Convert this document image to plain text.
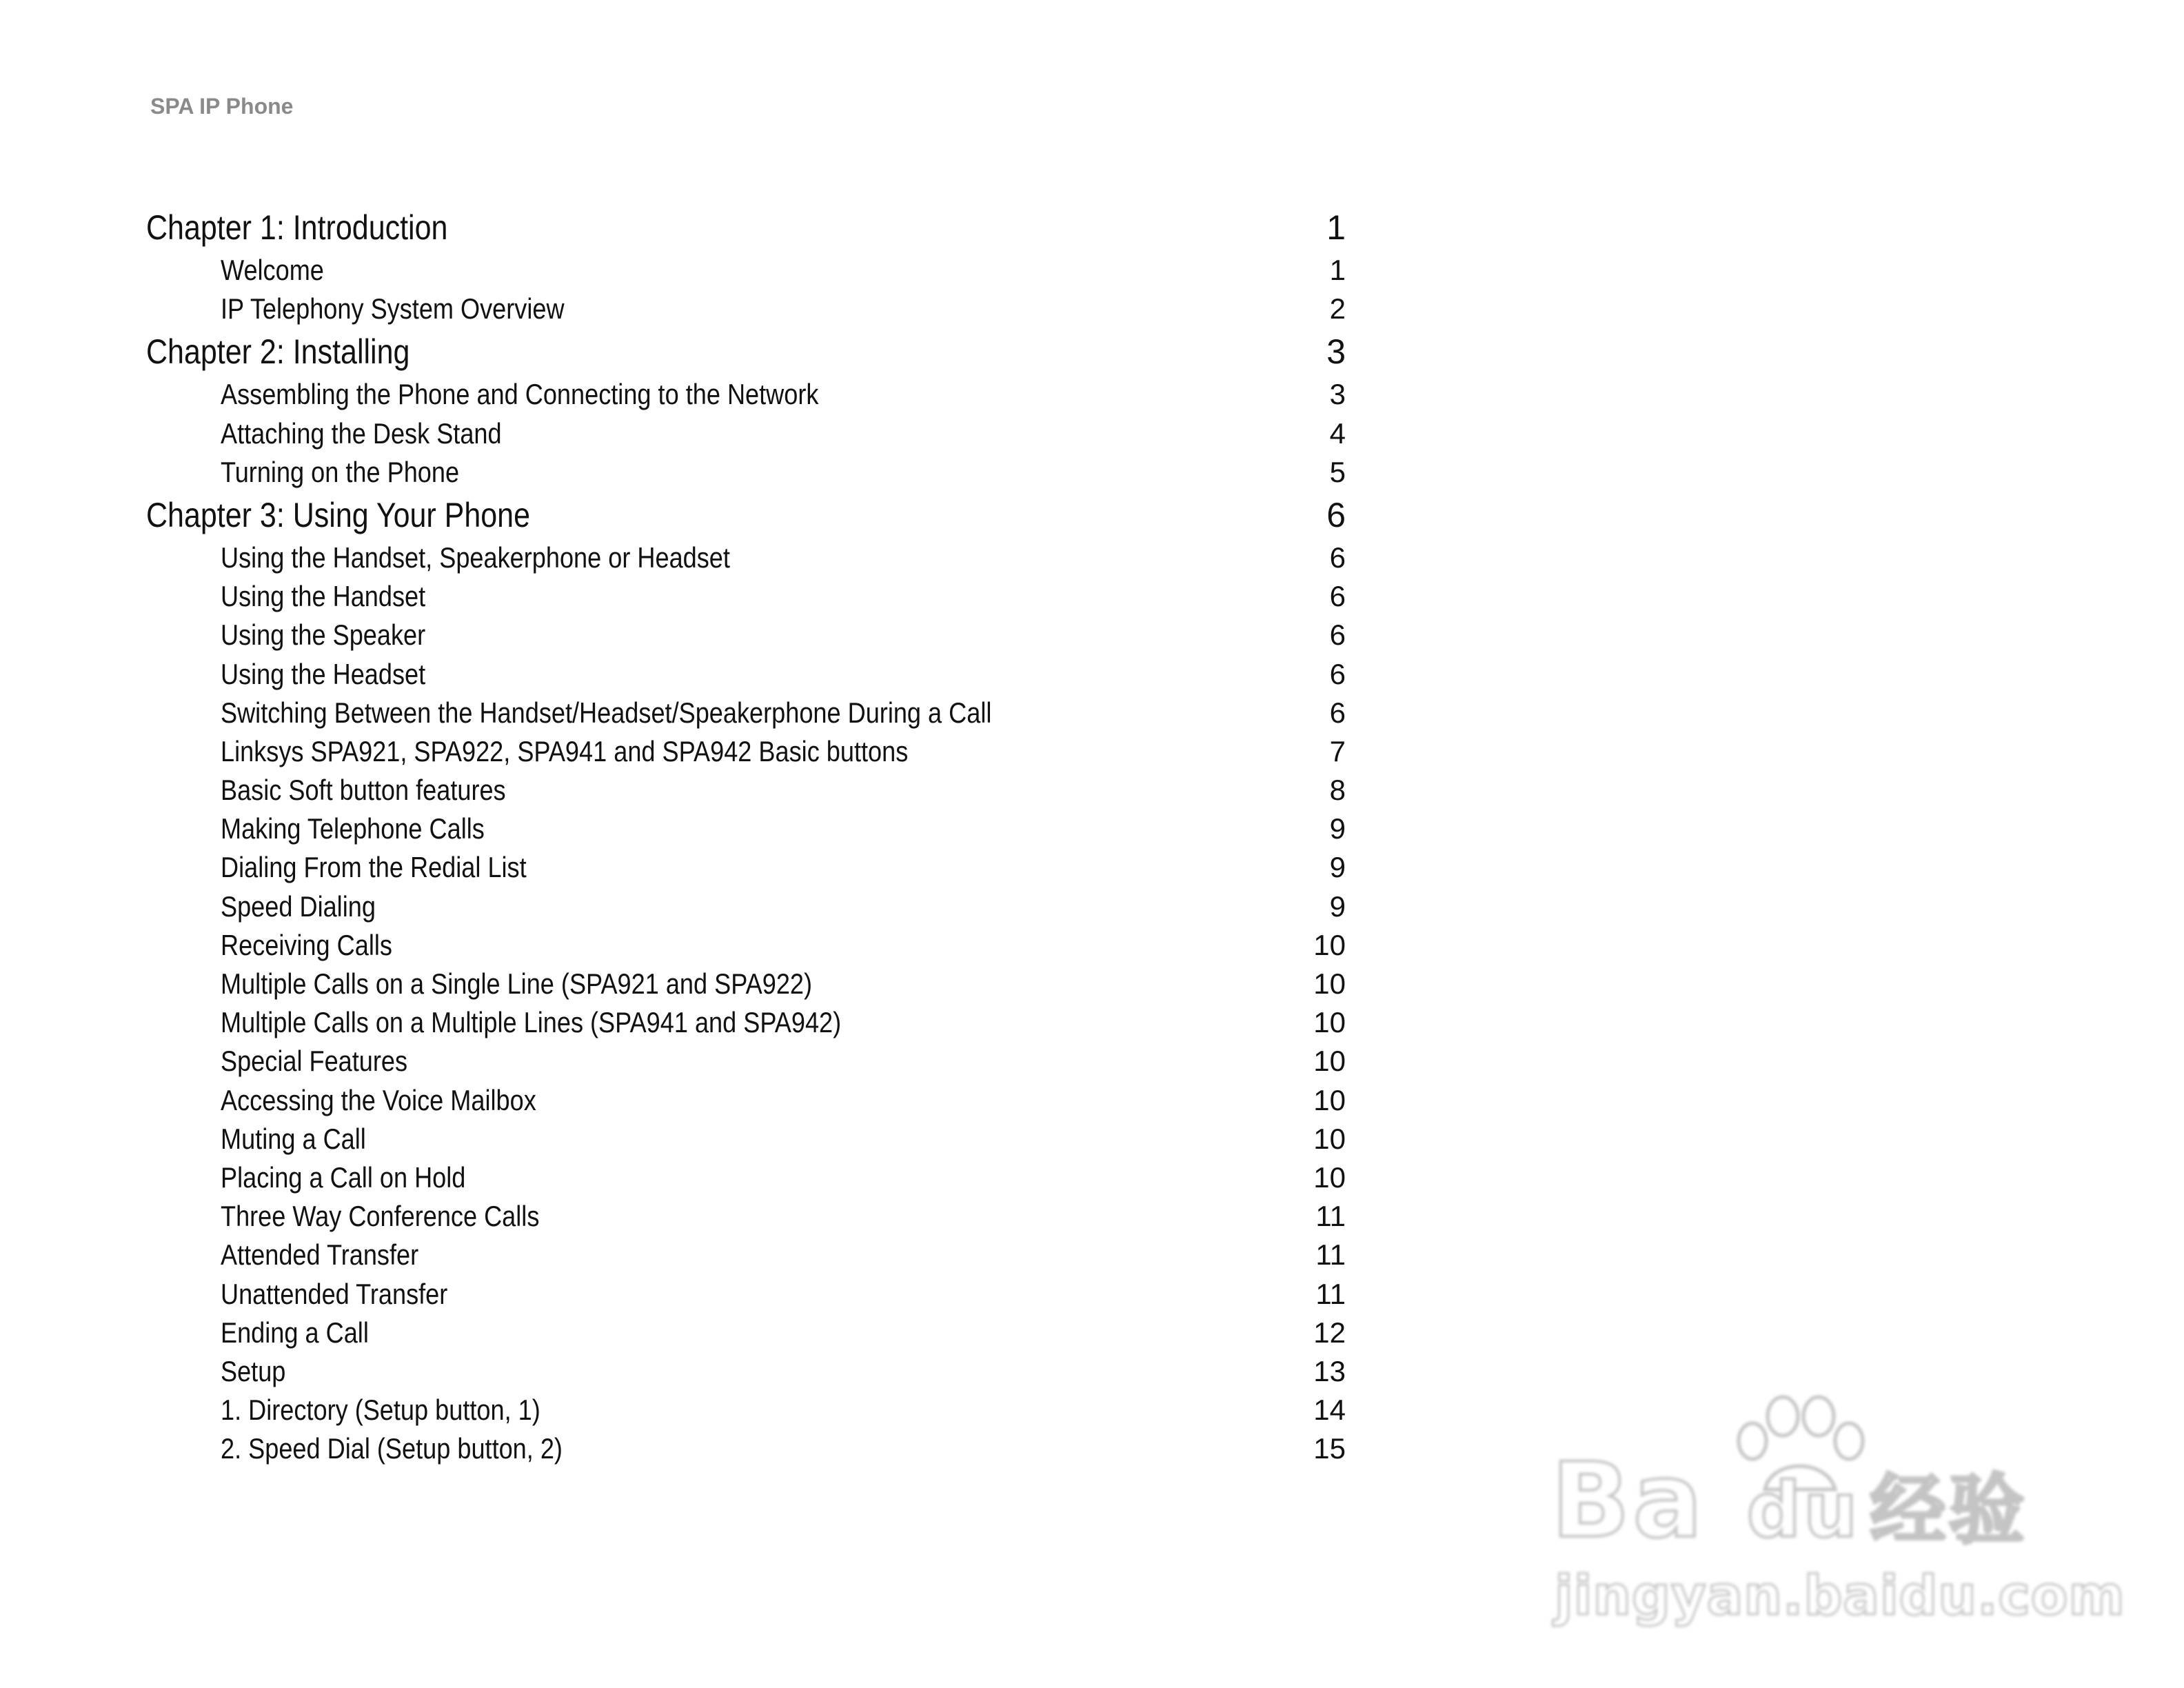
SPA IP Phone
Chapter 1: Introduction	1
Welcome	1
IP Telephony System Overview	2
Chapter 2: Installing	3
Assembling the Phone and Connecting to the Network	3
Attaching the Desk Stand	4
Turning on the Phone	5
Chapter 3: Using Your Phone	6
Using the Handset, Speakerphone or Headset	6
Using the Handset	6
Using the Speaker	6
Using the Headset	6
Switching Between the Handset/Headset/Speakerphone During a Call	6
Linksys SPA921, SPA922, SPA941 and SPA942 Basic buttons	7
Basic Soft button features	8
Making Telephone Calls	9
Dialing From the Redial List	9
Speed Dialing	9
Receiving Calls	10
Multiple Calls on a Single Line (SPA921 and SPA922)	10
Multiple Calls on a Multiple Lines (SPA941 and SPA942)	10
Special Features	10
Accessing the Voice Mailbox	10
Muting a Call	10
Placing a Call on Hold	10
Three Way Conference Calls	11
Attended Transfer	11
Unattended Transfer	11
Ending a Call	12
Setup	13
1. Directory (Setup button, 1)	14
2. Speed Dial (Setup button, 2)	15 Ba du 经验
jingyan.baidu.com
